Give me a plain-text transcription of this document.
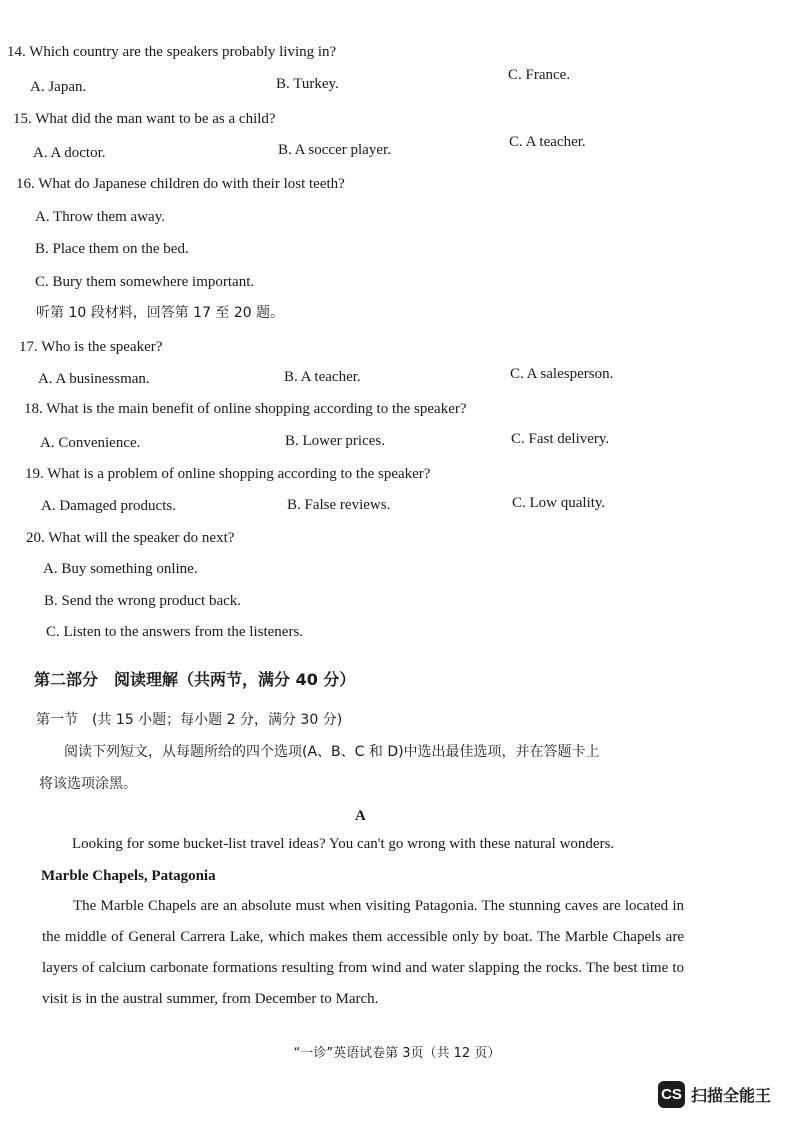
14. Which country are the speakers probably living in?
A. Japan.	B. Turkey.
C. France.
15. What did the man want to be as a child?
A. A doctor.	B. A soccer player.	C. A teacher.
16. What do Japanese children do with their lost teeth?
A. Throw them away.
B. Place them on the bed.
C. Bury them somewhere important.
听第 10 段材料，回答第 17 至 20 题。
17. Who is the speaker?
A. A businessman.	B. A teacher.	C. A salesperson.
18. What is the main benefit of online shopping according to the speaker?
A. Convenience.	B. Lower prices.	C. Fast delivery.
19. What is a problem of online shopping according to the speaker?
A. Damaged products.	B. False reviews.	C. Low quality.
20. What will the speaker do next?
A. Buy something online.
B. Send the wrong product back.
C. Listen to the answers from the listeners.
第二部分　阅读理解（共两节，满分 40 分）
第一节　(共 15 小题；每小题 2 分，满分 30 分)
阅读下列短文，从每题所给的四个选项(A、B、C 和 D)中选出最佳选项，并在答题卡上
将该选项涂黑。
A
Looking for some bucket-list travel ideas? You can't go wrong with these natural wonders.
Marble Chapels, Patagonia
The Marble Chapels are an absolute must when visiting Patagonia. The stunning caves are located in the middle of General Carrera Lake, which makes them accessible only by boat. The Marble Chapels are layers of calcium carbonate formations resulting from wind and water slapping the rocks. The best time to visit is in the austral summer, from December to March.
“一诊”英语试卷第 3页（共 12 页）
CS 扫描全能王
